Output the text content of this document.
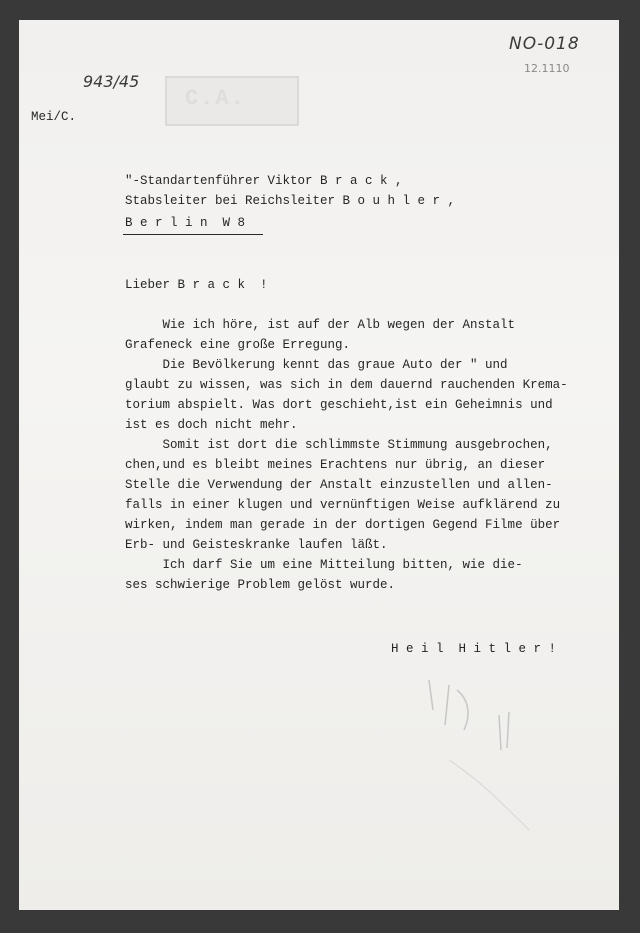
NO-018
12.1110
943/45
C.A.
Mei/C.
"-Standartenführer Viktor B r a c k ,
Stabsleiter bei Reichsleiter B o u h l e r ,
B e r l i n  W 8
Lieber B r a c k  !
Wie ich höre, ist auf der Alb wegen der Anstalt
Grafeneck eine große Erregung.
Die Bevölkerung kennt das graue Auto der " und
glaubt zu wissen, was sich in dem dauernd rauchenden Krema-
torium abspielt. Was dort geschieht,ist ein Geheimnis und
ist es doch nicht mehr.
Somit ist dort die schlimmste Stimmung ausgebrochen,
chen,und es bleibt meines Erachtens nur übrig, an dieser
Stelle die Verwendung der Anstalt einzustellen und allen-
falls in einer klugen und vernünftigen Weise aufklärend zu
wirken, indem man gerade in der dortigen Gegend Filme über
Erb- und Geisteskranke laufen läßt.
Ich darf Sie um eine Mitteilung bitten, wie die-
ses schwierige Problem gelöst wurde.
H e i l  H i t l e r !
